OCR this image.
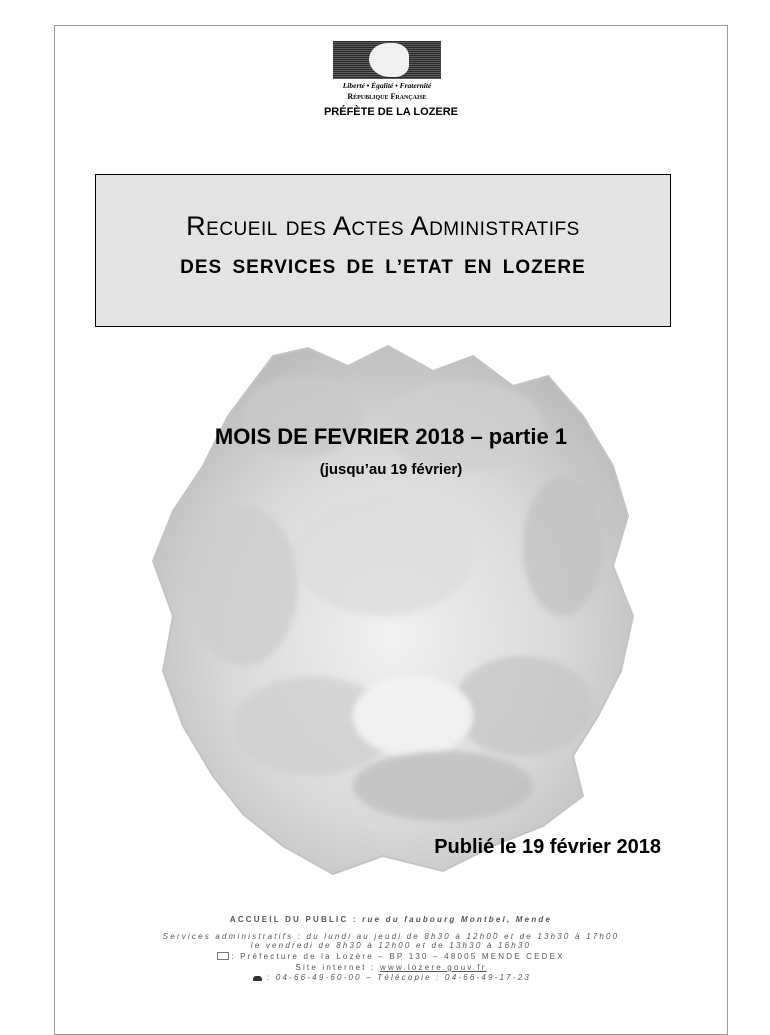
Liberté • Égalité • Fraternité
République Française
PRÉFÈTE DE LA LOZERE
Recueil des Actes Administratifs
DES SERVICES DE L’ETAT EN LOZERE
MOIS DE FEVRIER 2018 – partie 1
(jusqu’au 19 février)
Publié le 19 février 2018
ACCUEIL DU PUBLIC : rue du faubourg Montbel, Mende
Services administratifs : du lundi au jeudi de 8h30 à 12h00 et de 13h30 à 17h00
le vendredi de 8h30 à 12h00 et de 13h30 à 16h30
: Préfecture de la Lozère – BP 130 – 48005 MENDE CEDEX
Site internet : www.lozere.gouv.fr
: 04-66-49-60-00 – Télécopie : 04-66-49-17-23
